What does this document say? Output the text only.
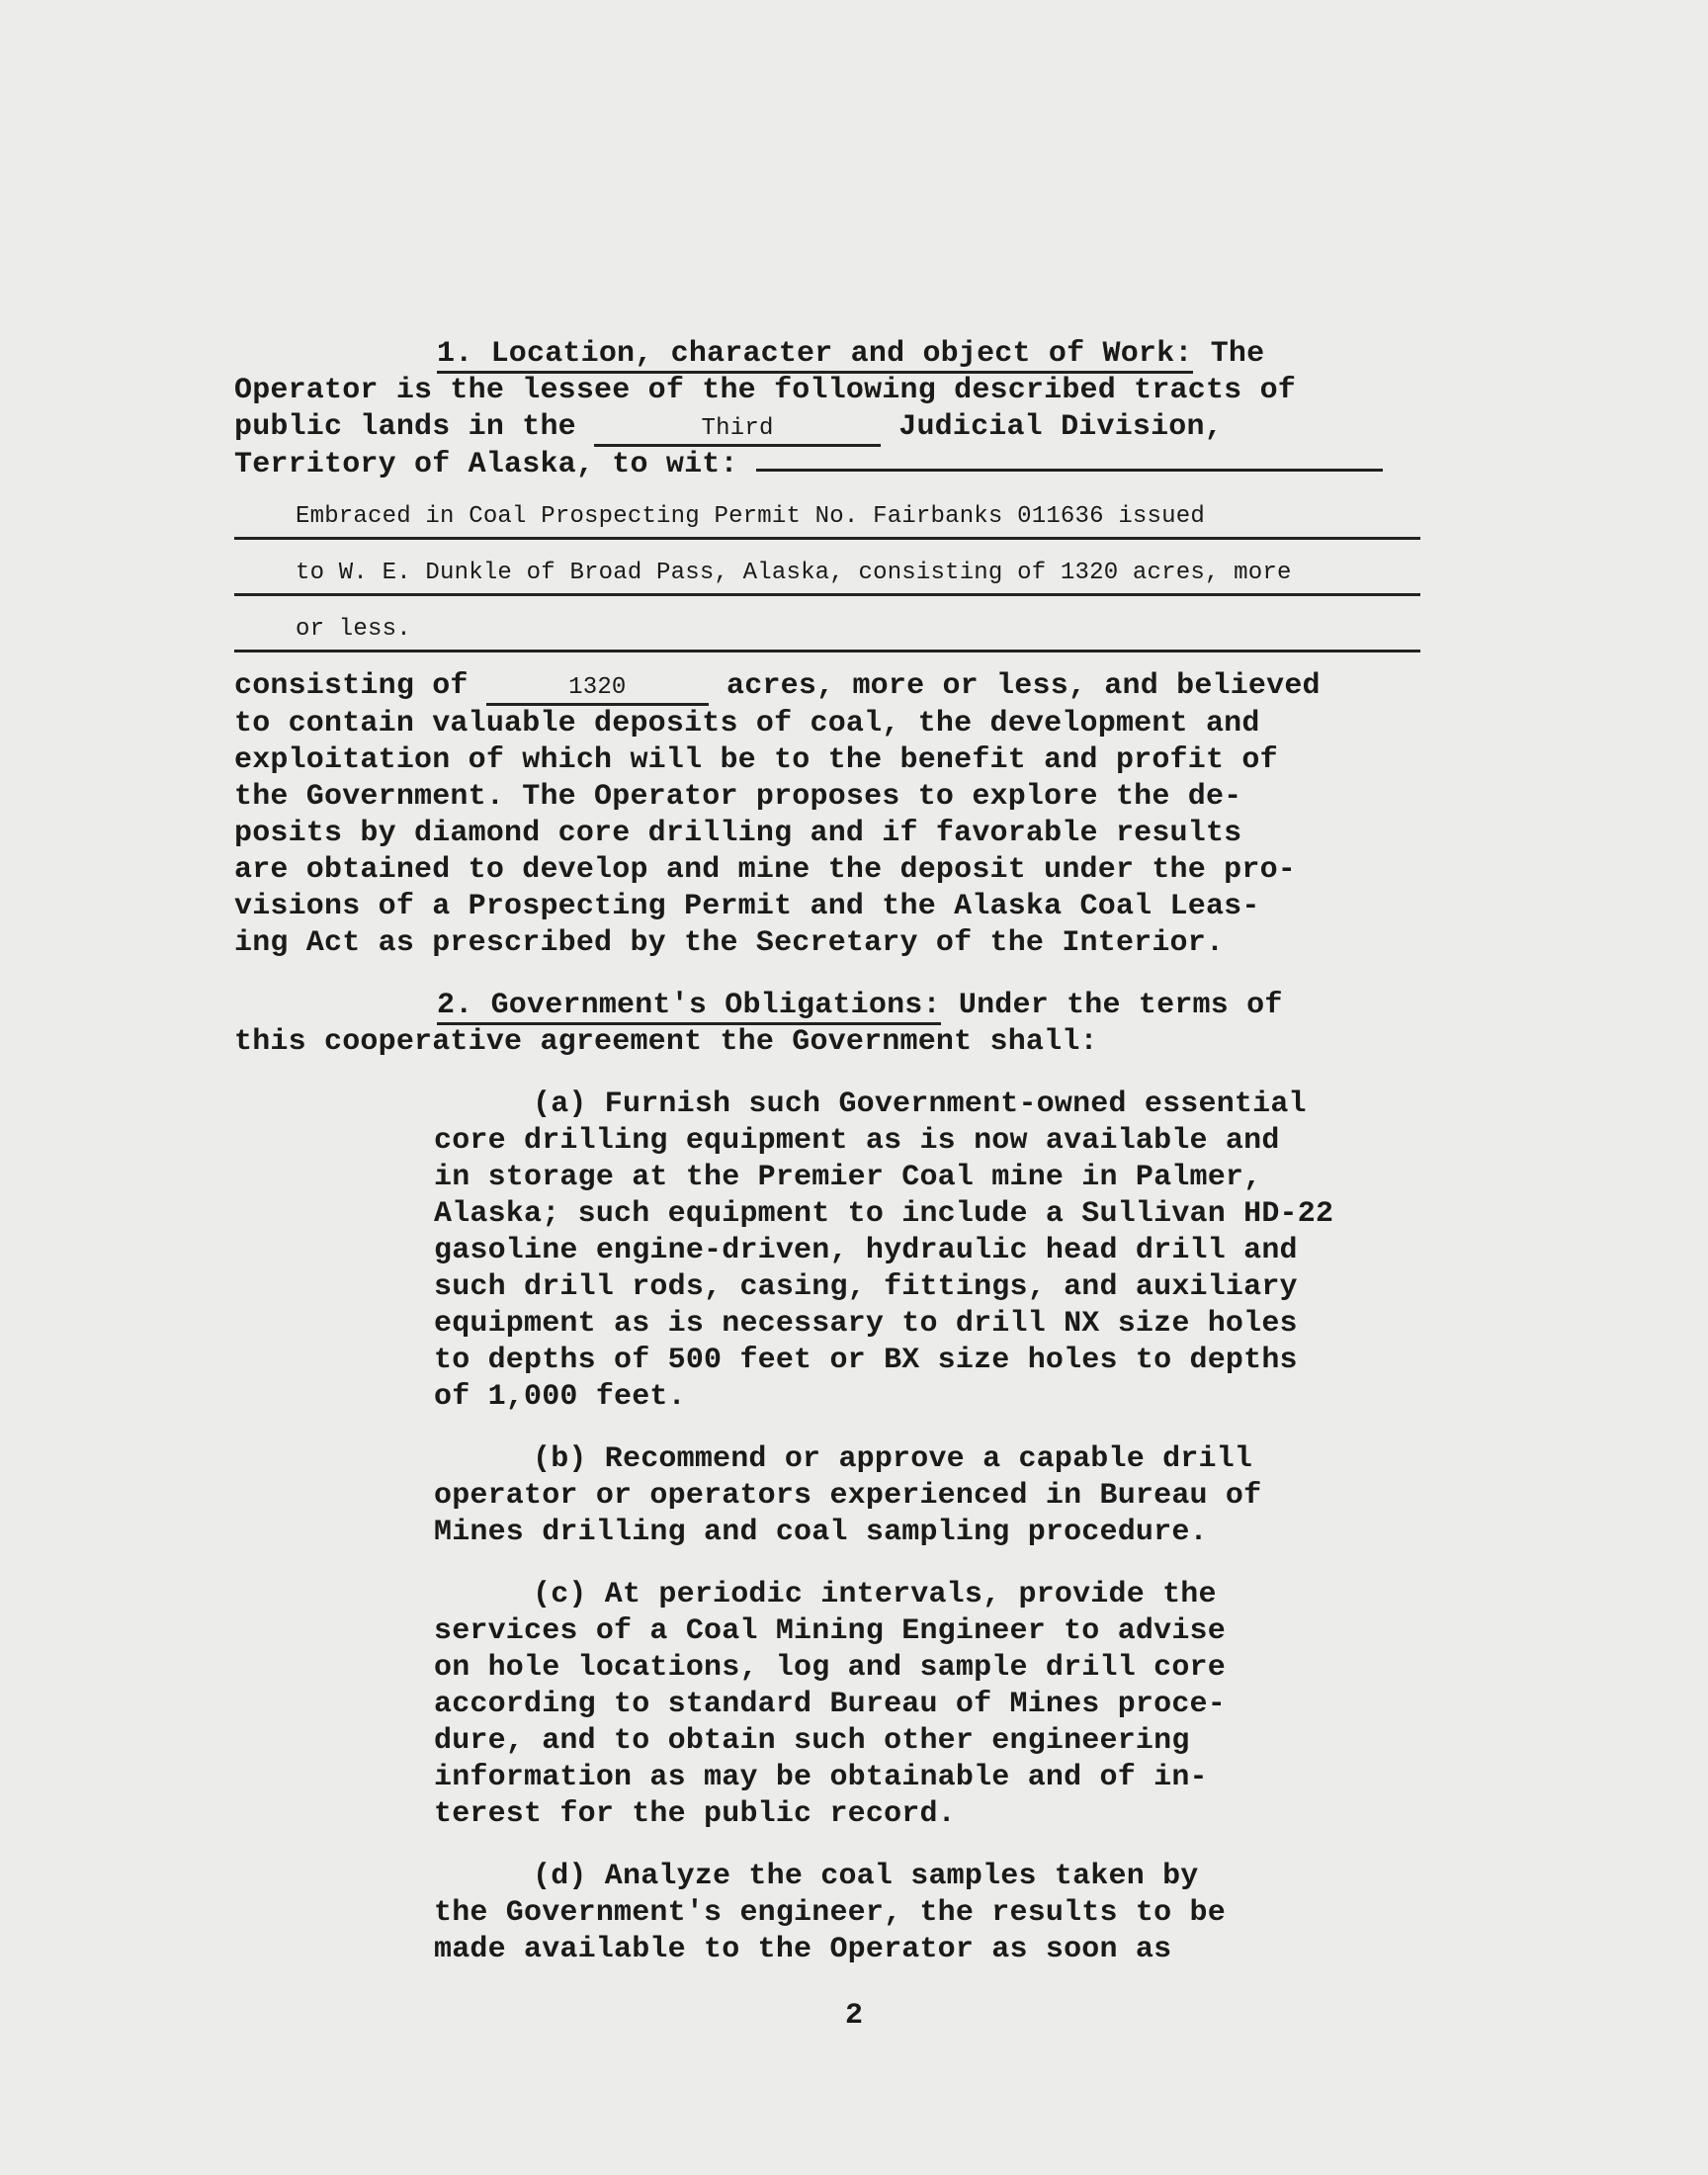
1. Location, character and object of Work: The
Operator is the lessee of the following described tracts of
public lands in the	Third	Judicial Division,
Territory of Alaska, to wit:
Embraced in Coal Prospecting Permit No. Fairbanks 011636 issued
to W. E. Dunkle of Broad Pass, Alaska, consisting of 1320 acres, more
or less.
consisting of	1320	acres, more or less, and believed
to contain valuable deposits of coal, the development and
exploitation of which will be to the benefit and profit of
the Government. The Operator proposes to explore the de-
posits by diamond core drilling and if favorable results
are obtained to develop and mine the deposit under the pro-
visions of a Prospecting Permit and the Alaska Coal Leas-
ing Act as prescribed by the Secretary of the Interior.
2. Government's Obligations: Under the terms of
this cooperative agreement the Government shall:
(a) Furnish such Government-owned essential
core drilling equipment as is now available and
in storage at the Premier Coal mine in Palmer,
Alaska; such equipment to include a Sullivan HD-22
gasoline engine-driven, hydraulic head drill and
such drill rods, casing, fittings, and auxiliary
equipment as is necessary to drill NX size holes
to depths of 500 feet or BX size holes to depths
of 1,000 feet.
(b) Recommend or approve a capable drill
operator or operators experienced in Bureau of
Mines drilling and coal sampling procedure.
(c) At periodic intervals, provide the
services of a Coal Mining Engineer to advise
on hole locations, log and sample drill core
according to standard Bureau of Mines proce-
dure, and to obtain such other engineering
information as may be obtainable and of in-
terest for the public record.
(d) Analyze the coal samples taken by
the Government's engineer, the results to be
made available to the Operator as soon as
2
